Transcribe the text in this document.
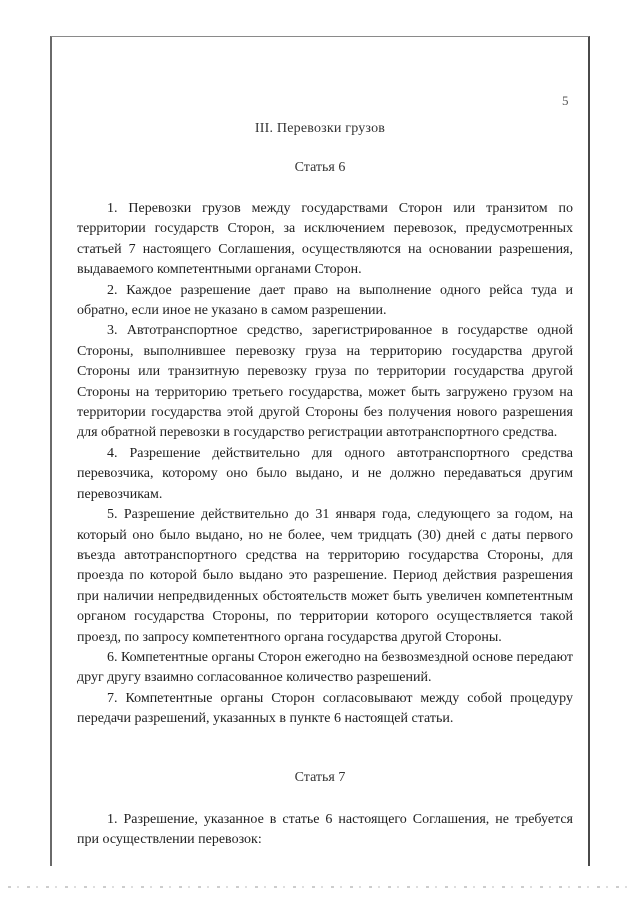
5
III. Перевозки грузов
Статья 6

1. Перевозки грузов между государствами Сторон или транзитом по территории государств Сторон, за исключением перевозок, предусмотренных статьей 7 настоящего Соглашения, осуществляются на основании разрешения, выдаваемого компетентными органами Сторон.

2. Каждое разрешение дает право на выполнение одного рейса туда и обратно, если иное не указано в самом разрешении.

3. Автотранспортное средство, зарегистрированное в государстве одной Стороны, выполнившее перевозку груза на территорию государства другой Стороны или транзитную перевозку груза по территории государства другой Стороны на территорию третьего государства, может быть загружено грузом на территории государства этой другой Стороны без получения нового разрешения для обратной перевозки в государство регистрации автотранспортного средства.

4. Разрешение действительно для одного автотранспортного средства перевозчика, которому оно было выдано, и не должно передаваться другим перевозчикам.

5. Разрешение действительно до 31 января года, следующего за годом, на который оно было выдано, но не более, чем тридцать (30) дней с даты первого въезда автотранспортного средства на территорию государства Стороны, для проезда по которой было выдано это разрешение. Период действия разрешения при наличии непредвиденных обстоятельств может быть увеличен компетентным органом государства Стороны, по территории которого осуществляется такой проезд, по запросу компетентного органа государства другой Стороны.

6. Компетентные органы Сторон ежегодно на безвозмездной основе передают друг другу взаимно согласованное количество разрешений.

7. Компетентные органы Сторон согласовывают между собой процедуру передачи разрешений, указанных в пункте 6 настоящей статьи.

Статья 7

1. Разрешение, указанное в статье 6 настоящего Соглашения, не требуется при осуществлении перевозок:
